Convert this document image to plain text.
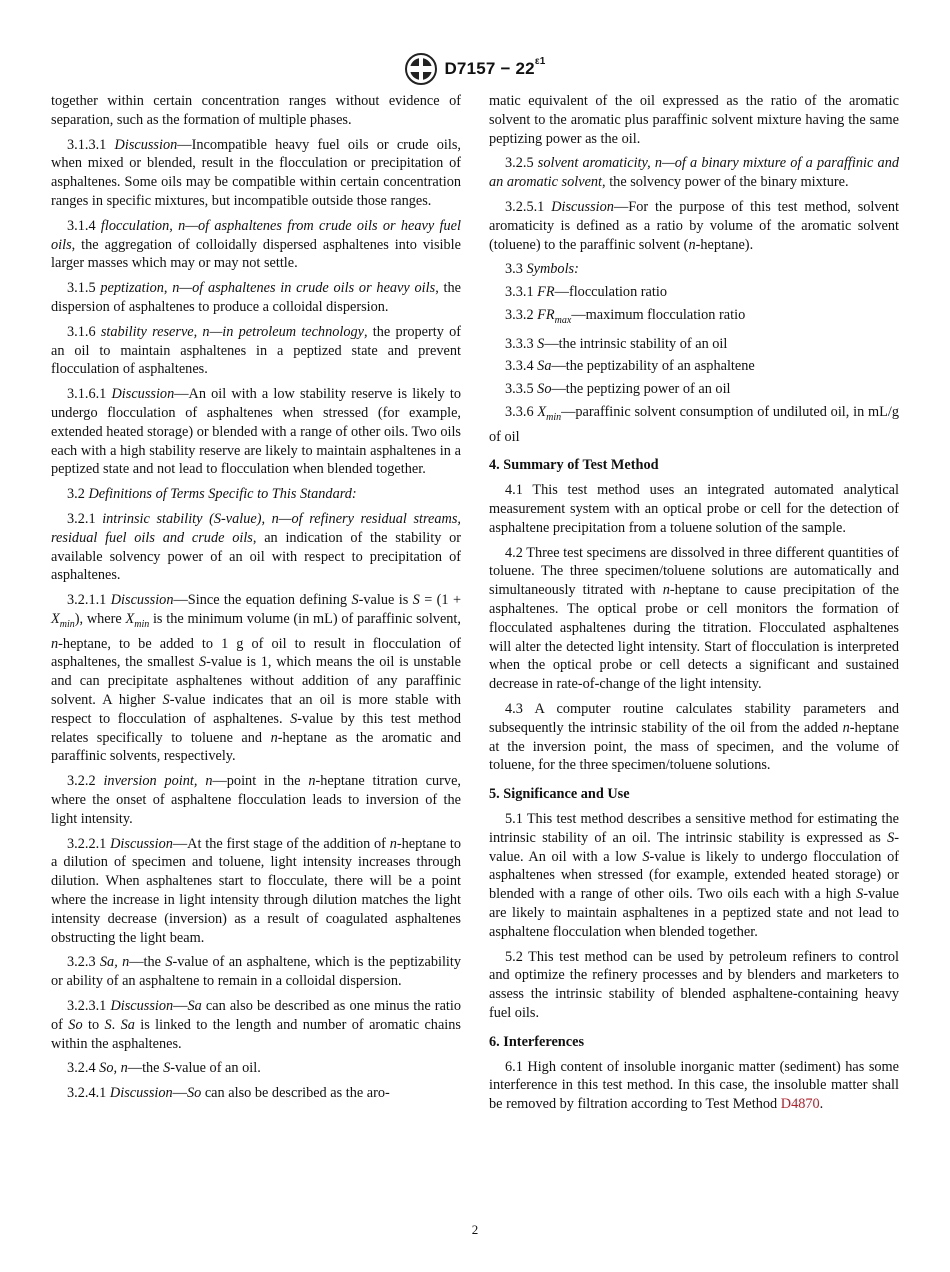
$D7157 - 22^{\varepsilon 1}$

together within certain concentration ranges without evidence of separation, such as the formation of multiple phases.

3.1.3.1 Discussion—Incompatible heavy fuel oils or crude oils, when mixed or blended, result in the flocculation or precipitation of asphaltenes. Some oils may be compatible within certain concentration ranges in specific mixtures, but incompatible outside those ranges.

3.1.4 flocculation, n—of asphaltenes from crude oils or heavy fuel oils, the aggregation of colloidally dispersed asphaltenes into visible larger masses which may or may not settle.

3.1.5 peptization, n—of asphaltenes in crude oils or heavy oils, the dispersion of asphaltenes to produce a colloidal dispersion.

3.1.6 stability reserve, n—in petroleum technology, the property of an oil to maintain asphaltenes in a peptized state and prevent flocculation of asphaltenes.

3.1.6.1 Discussion—An oil with a low stability reserve is likely to undergo flocculation of asphaltenes when stressed (for example, extended heated storage) or blended with a range of other oils. Two oils each with a high stability reserve are likely to maintain asphaltenes in a peptized state and not lead to flocculation when blended together.

3.2 Definitions of Terms Specific to This Standard:

3.2.1 intrinsic stability (S-value), n—of refinery residual streams, residual fuel oils and crude oils, an indication of the stability or available solvency power of an oil with respect to precipitation of asphaltenes.

3.2.1.1 Discussion—Since the equation defining S-value is $S = (1 + X_{min})$, where $X_{min}$ is the minimum volume (in mL) of paraffinic solvent, n-heptane, to be added to 1 g of oil to result in flocculation of asphaltenes, the smallest S-value is 1, which means the oil is unstable and can precipitate asphaltenes without addition of any paraffinic solvent. A higher S-value indicates that an oil is more stable with respect to flocculation of asphaltenes. S-value by this test method relates specifically to toluene and n-heptane as the aromatic and paraffinic solvents, respectively.

3.2.2 inversion point, n—point in the n-heptane titration curve, where the onset of asphaltene flocculation leads to inversion of the light intensity.

3.2.2.1 Discussion—At the first stage of the addition of n-heptane to a dilution of specimen and toluene, light intensity increases through dilution. When asphaltenes start to flocculate, there will be a point where the increase in light intensity through dilution matches the light intensity decrease (inversion) as a result of coagulated asphaltenes obstructing the light beam.

3.2.3 Sa, n—the S-value of an asphaltene, which is the peptizability or ability of an asphaltene to remain in a colloidal dispersion.

3.2.3.1 Discussion—Sa can also be described as one minus the ratio of So to S. Sa is linked to the length and number of aromatic chains within the asphaltenes.

3.2.4 So, n—the S-value of an oil.

3.2.4.1 Discussion—So can also be described as the aro-

matic equivalent of the oil expressed as the ratio of the aromatic solvent to the aromatic plus paraffinic solvent mixture having the same peptizing power as the oil.

3.2.5 solvent aromaticity, n—of a binary mixture of a paraffinic and an aromatic solvent, the solvency power of the binary mixture.

3.2.5.1 Discussion—For the purpose of this test method, solvent aromaticity is defined as a ratio by volume of the aromatic solvent (toluene) to the paraffinic solvent (n-heptane).

3.3 Symbols:

3.3.1 FR—flocculation ratio

3.3.2 $FR_{max}—maximum$ flocculation ratio

3.3.3 S—the intrinsic stability of an oil

3.3.4 Sa—the peptizability of an asphaltene

3.3.5 So—the peptizing power of an oil

3.3.6 $X_{min}—paraffinic$ solvent consumption of undiluted oil, in mL/g of oil

4. Summary of Test Method

4.1 This test method uses an integrated automated analytical measurement system with an optical probe or cell for the detection of asphaltene precipitation from a toluene solution of the sample.

4.2 Three test specimens are dissolved in three different quantities of toluene. The three specimen/toluene solutions are automatically and simultaneously titrated with n-heptane to cause precipitation of the asphaltenes. The optical probe or cell monitors the formation of flocculated asphaltenes during the titration. Flocculated asphaltenes will alter the detected light intensity. Start of flocculation is interpreted when the optical probe or cell detects a significant and sustained decrease in rate-of-change of the light intensity.

4.3 A computer routine calculates stability parameters and subsequently the intrinsic stability of the oil from the added n-heptane at the inversion point, the mass of specimen, and the volume of toluene, for the three specimen/toluene solutions.

5. Significance and Use

5.1 This test method describes a sensitive method for estimating the intrinsic stability of an oil. The intrinsic stability is expressed as S-value. An oil with a low S-value is likely to undergo flocculation of asphaltenes when stressed (for example, extended heated storage) or blended with a range of other oils. Two oils each with a high S-value are likely to maintain asphaltenes in a peptized state and not lead to asphaltene flocculation when blended together.

5.2 This test method can be used by petroleum refiners to control and optimize the refinery processes and by blenders and marketers to assess the intrinsic stability of blended asphaltene-containing heavy fuel oils.

6. Interferences

6.1 High content of insoluble inorganic matter (sediment) has some interference in this test method. In this case, the insoluble matter shall be removed by filtration according to Test Method D4870.

2
